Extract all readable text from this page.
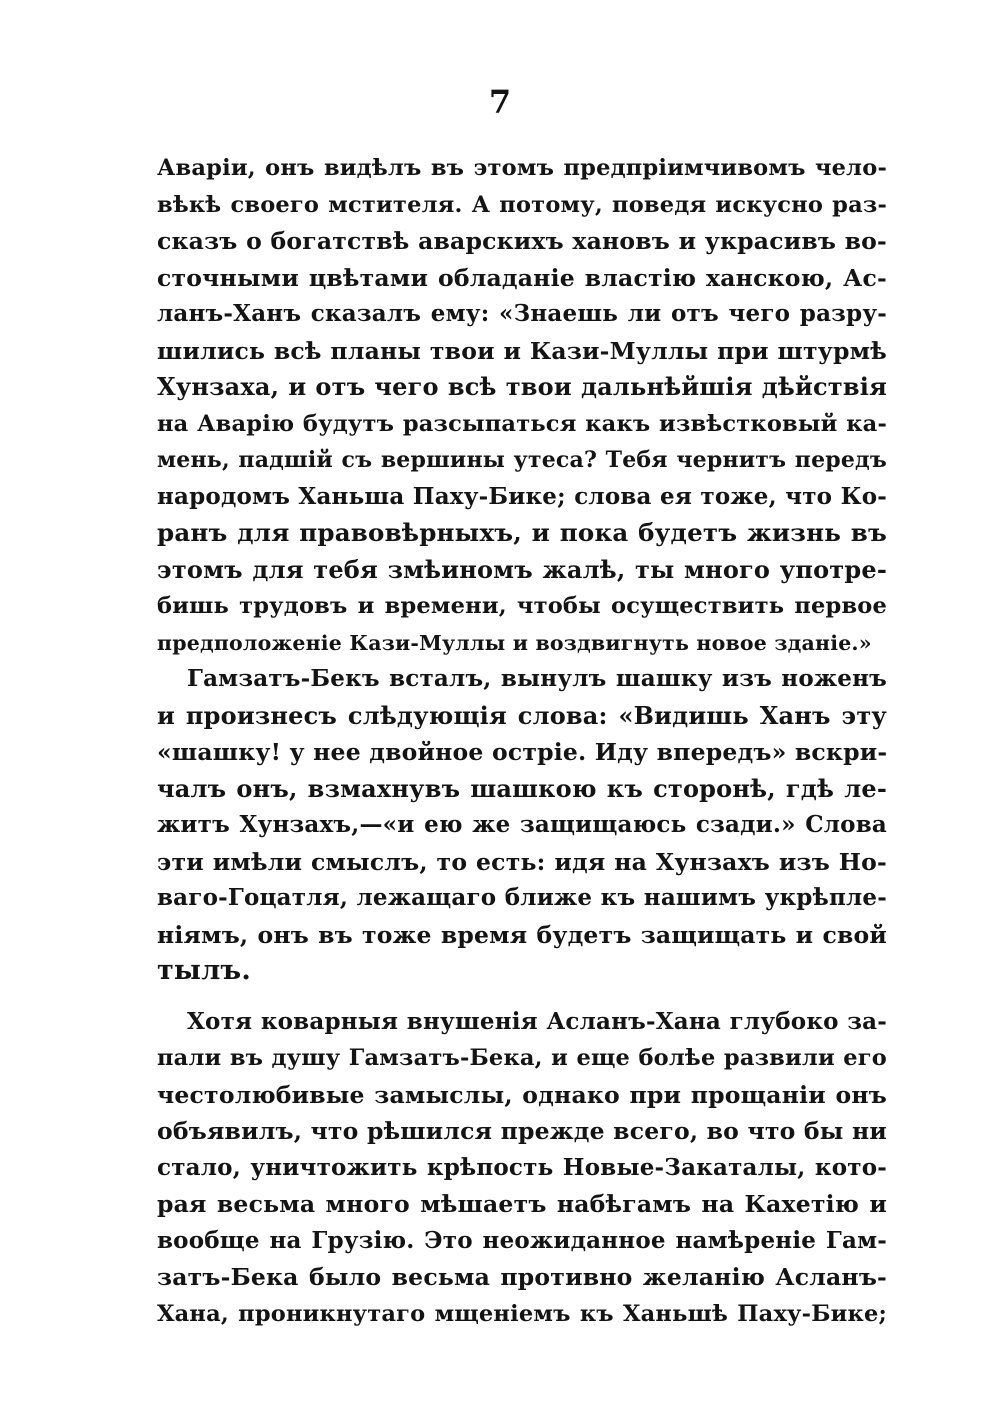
7
Аваріи, онъ видѣлъ въ этомъ предпріимчивомъ чело-
вѣкѣ своего мстителя. А потому, поведя искусно раз-
сказъ о богатствѣ аварскихъ хановъ и украсивъ во-
сточными цвѣтами обладаніе властію ханскою, Ас-
ланъ-Ханъ сказалъ ему: «Знаешь ли отъ чего разру-
шились всѣ планы твои и Кази-Муллы при штурмѣ
Хунзаха, и отъ чего всѣ твои дальнѣйшія дѣйствія
на Аварію будутъ разсыпаться какъ извѣстковый ка-
мень, падшій съ вершины утеса? Тебя чернитъ передъ
народомъ Ханьша Паху-Бике; слова ея тоже, что Ко-
ранъ для правовѣрныхъ, и пока будетъ жизнь въ
этомъ для тебя змѣиномъ жалѣ, ты много употре-
бишь трудовъ и времени, чтобы осуществить первое
предположеніе Кази-Муллы и воздвигнуть новое зданіе.»
Гамзатъ-Бекъ всталъ, вынулъ шашку изъ ноженъ
и произнесъ слѣдующія слова: «Видишь Ханъ эту
«шашку! у нее двойное остріе. Иду впередъ» вскри-
чалъ онъ, взмахнувъ шашкою къ сторонѣ, гдѣ ле-
житъ Хунзахъ,—«и ею же защищаюсь сзади.» Слова
эти имѣли смыслъ, то есть: идя на Хунзахъ изъ Но-
ваго-Гоцатля, лежащаго ближе къ нашимъ укрѣпле-
ніямъ, онъ въ тоже время будетъ защищать и свой
тылъ.
Хотя коварныя внушенія Асланъ-Хана глубоко за-
пали въ душу Гамзатъ-Бека, и еще болѣе развили его
честолюбивые замыслы, однако при прощаніи онъ
объявилъ, что рѣшился прежде всего, во что бы ни
стало, уничтожить крѣпость Новые-Закаталы, кото-
рая весьма много мѣшаетъ набѣгамъ на Кахетію и
вообще на Грузію. Это неожиданное намѣреніе Гам-
затъ-Бека было весьма противно желанію Асланъ-
Хана, проникнутаго мщеніемъ къ Ханьшѣ Паху-Бике;
